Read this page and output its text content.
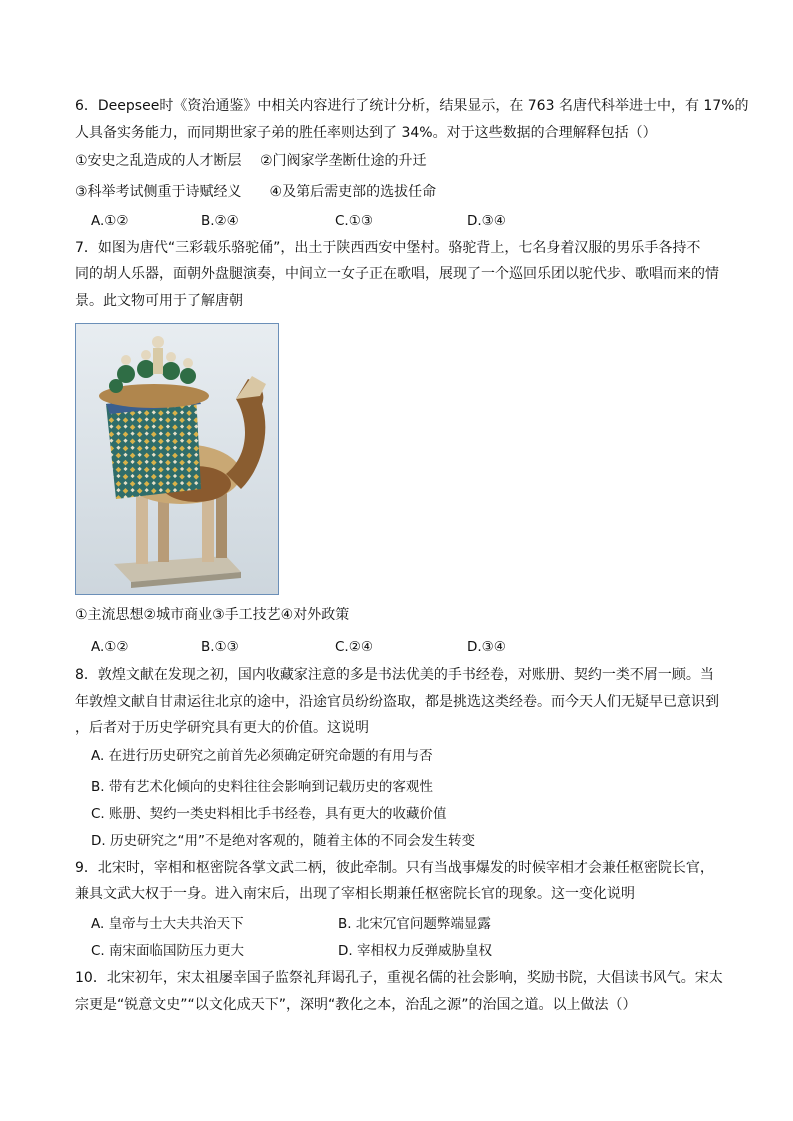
6．Deepsee时《资治通鉴》中相关内容进行了统计分析，结果显示，在 763 名唐代科举进士中，有 17%的
人具备实务能力，而同期世家子弟的胜任率则达到了 34%。对于这些数据的合理解释包括（）
①安史之乱造成的人才断层　 ②门阀家学垄断仕途的升迁
③科举考试侧重于诗赋经义　　④及第后需吏部的选拔任命
A.①②	B.②④	C.①③	D.③④
7．如图为唐代“三彩载乐骆驼俑”，出土于陕西西安中堡村。骆驼背上，七名身着汉服的男乐手各持不
同的胡人乐器，面朝外盘腿演奏，中间立一女子正在歌唱，展现了一个巡回乐团以驼代步、歌唱而来的情
景。此文物可用于了解唐朝
①主流思想②城市商业③手工技艺④对外政策
A.①②	B.①③	C.②④	D.③④
8．敦煌文献在发现之初，国内收藏家注意的多是书法优美的手书经卷，对账册、契约一类不屑一顾。当
年敦煌文献自甘肃运往北京的途中，沿途官员纷纷盗取，都是挑选这类经卷。而今天人们无疑早已意识到
，后者对于历史学研究具有更大的价值。这说明
A. 在进行历史研究之前首先必须确定研究命题的有用与否
B. 带有艺术化倾向的史料往往会影响到记载历史的客观性
C. 账册、契约一类史料相比手书经卷，具有更大的收藏价值
D. 历史研究之“用”不是绝对客观的，随着主体的不同会发生转变
9．北宋时，宰相和枢密院各掌文武二柄，彼此牵制。只有当战事爆发的时候宰相才会兼任枢密院长官，
兼具文武大权于一身。进入南宋后，出现了宰相长期兼任枢密院长官的现象。这一变化说明
A. 皇帝与士大夫共治天下	B. 北宋冗官问题弊端显露
C. 南宋面临国防压力更大	D. 宰相权力反弹威胁皇权
10．北宋初年，宋太祖屡幸国子监祭礼拜谒孔子，重视名儒的社会影响，奖励书院，大倡读书风气。宋太
宗更是“锐意文史”“以文化成天下”，深明“教化之本，治乱之源”的治国之道。以上做法（）
